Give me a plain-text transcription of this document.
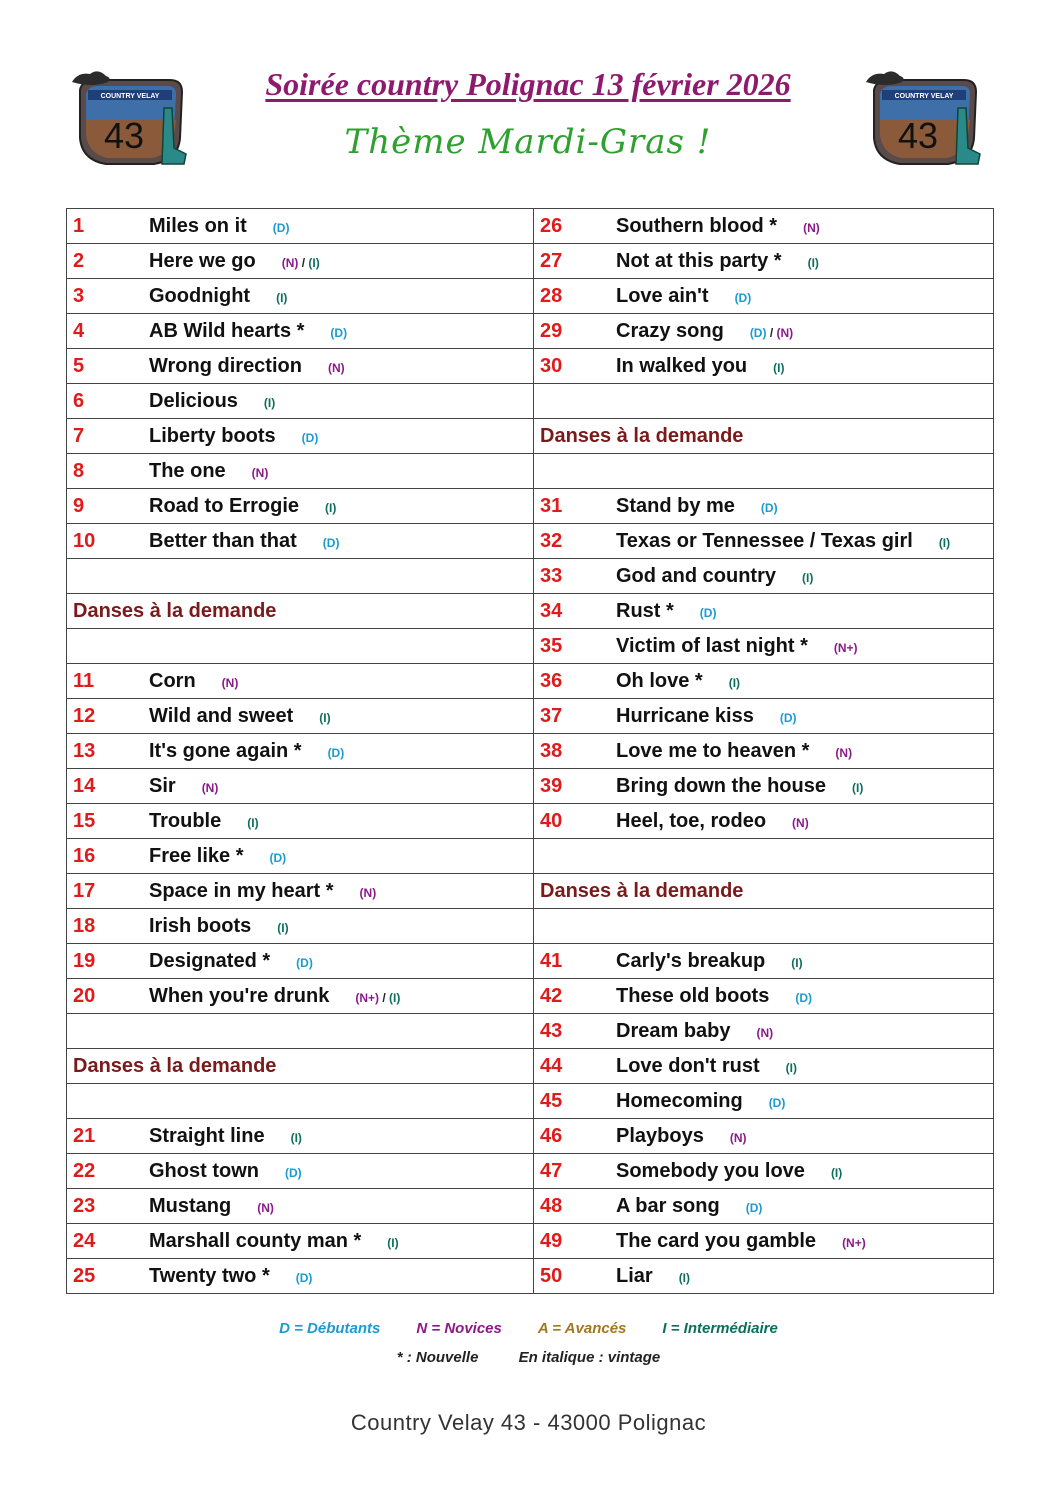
COUNTRY VELAY
43
COUNTRY VELAY
43
Soirée country Polignac 13 février 2026
Thème Mardi-Gras !
1 Miles on it (D)	26 Southern blood * (N)
2 Here we go (N) / (I)	27 Not at this party * (I)
3 Goodnight (I)	28 Love ain't (D)
4 AB Wild hearts * (D)	29 Crazy song (D) / (N)
5 Wrong direction (N)	30 In walked you (I)
6 Delicious (I)	
7 Liberty boots (D)	Danses à la demande
8 The one (N)	
9 Road to Errogie (I)	31 Stand by me (D)
10 Better than that (D)	32 Texas or Tennessee / Texas girl (I)
	33 God and country (I)
Danses à la demande	34 Rust * (D)
	35 Victim of last night * (N+)
11 Corn (N)	36 Oh love * (I)
12 Wild and sweet (I)	37 Hurricane kiss (D)
13 It's gone again * (D)	38 Love me to heaven * (N)
14 Sir (N)	39 Bring down the house (I)
15 Trouble (I)	40 Heel, toe, rodeo (N)
16 Free like * (D)	
17 Space in my heart * (N)	Danses à la demande
18 Irish boots (I)	
19 Designated * (D)	41 Carly's breakup (I)
20 When you're drunk (N+) / (I)	42 These old boots (D)
	43 Dream baby (N)
Danses à la demande	44 Love don't rust (I)
	45 Homecoming (D)
21 Straight line (I)	46 Playboys (N)
22 Ghost town (D)	47 Somebody you love (I)
23 Mustang (N)	48 A bar song (D)
24 Marshall county man * (I)	49 The card you gamble (N+)
25 Twenty two * (D)	50 Liar (I)
D = Débutants N = Novices A = Avancés I = Intermédiaire
* : Nouvelle	En italique : vintage
Country Velay 43 - 43000 Polignac
